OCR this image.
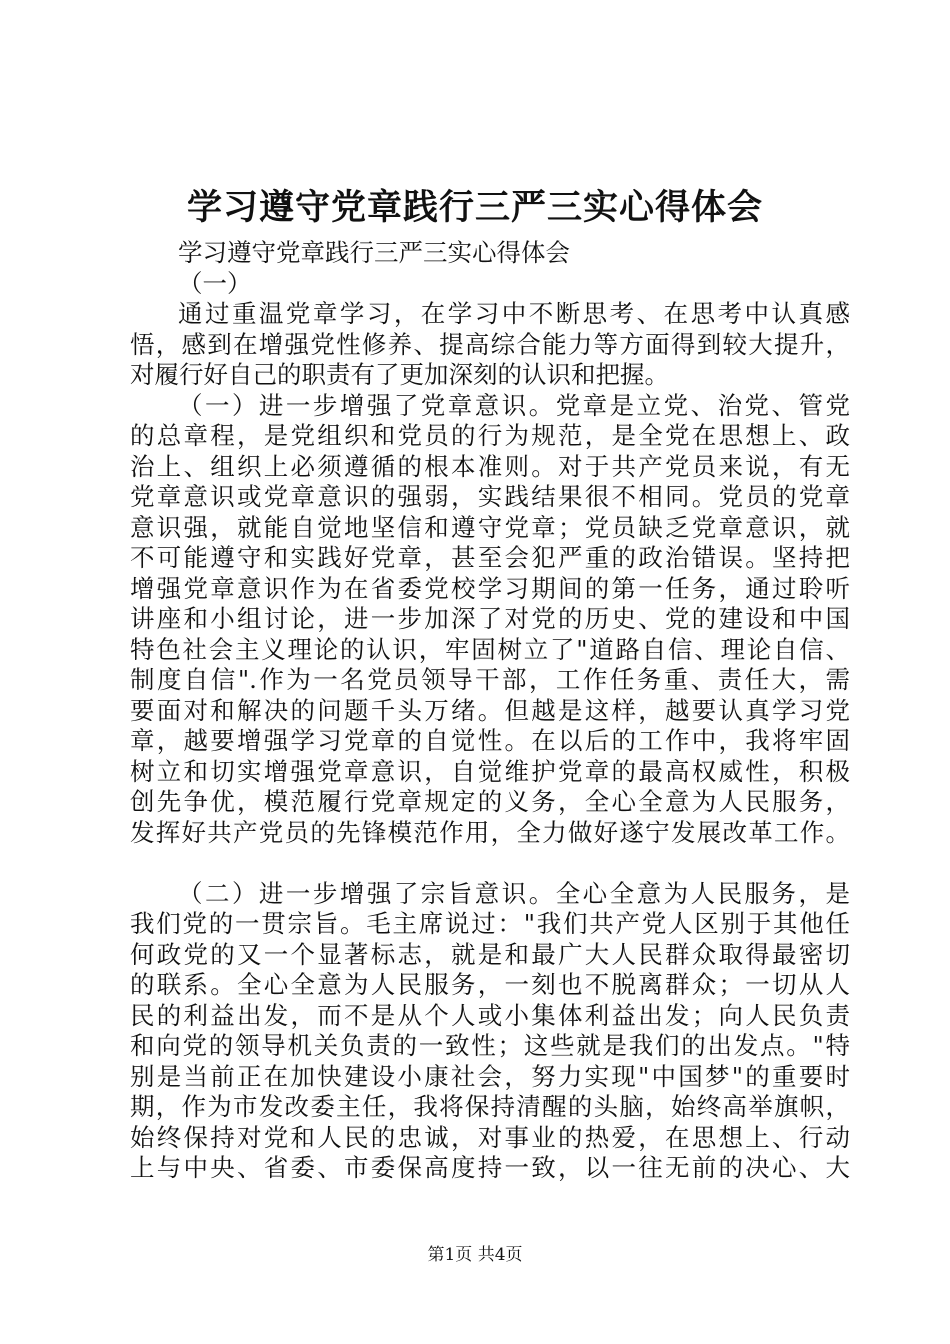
学习遵守党章践行三严三实心得体会
学习遵守党章践行三严三实心得体会
（一）
通过重温党章学习，在学习中不断思考、在思考中认真感
悟，感到在增强党性修养、提高综合能力等方面得到较大提升，
对履行好自己的职责有了更加深刻的认识和把握。
（一）进一步增强了党章意识。党章是立党、治党、管党
的总章程，是党组织和党员的行为规范，是全党在思想上、政
治上、组织上必须遵循的根本准则。对于共产党员来说，有无
党章意识或党章意识的强弱，实践结果很不相同。党员的党章
意识强，就能自觉地坚信和遵守党章；党员缺乏党章意识，就
不可能遵守和实践好党章，甚至会犯严重的政治错误。坚持把
增强党章意识作为在省委党校学习期间的第一任务，通过聆听
讲座和小组讨论，进一步加深了对党的历史、党的建设和中国
特色社会主义理论的认识，牢固树立了"道路自信、理论自信、
制度自信".作为一名党员领导干部，工作任务重、责任大，需
要面对和解决的问题千头万绪。但越是这样，越要认真学习党
章，越要增强学习党章的自觉性。在以后的工作中，我将牢固
树立和切实增强党章意识，自觉维护党章的最高权威性，积极
创先争优，模范履行党章规定的义务，全心全意为人民服务，
发挥好共产党员的先锋模范作用，全力做好遂宁发展改革工作。
（二）进一步增强了宗旨意识。全心全意为人民服务，是
我们党的一贯宗旨。毛主席说过："我们共产党人区别于其他任
何政党的又一个显著标志，就是和最广大人民群众取得最密切
的联系。全心全意为人民服务，一刻也不脱离群众；一切从人
民的利益出发，而不是从个人或小集体利益出发；向人民负责
和向党的领导机关负责的一致性；这些就是我们的出发点。"特
别是当前正在加快建设小康社会，努力实现"中国梦"的重要时
期，作为市发改委主任，我将保持清醒的头脑，始终高举旗帜，
始终保持对党和人民的忠诚，对事业的热爱，在思想上、行动
上与中央、省委、市委保高度持一致，以一往无前的决心、大
第1页 共4页
